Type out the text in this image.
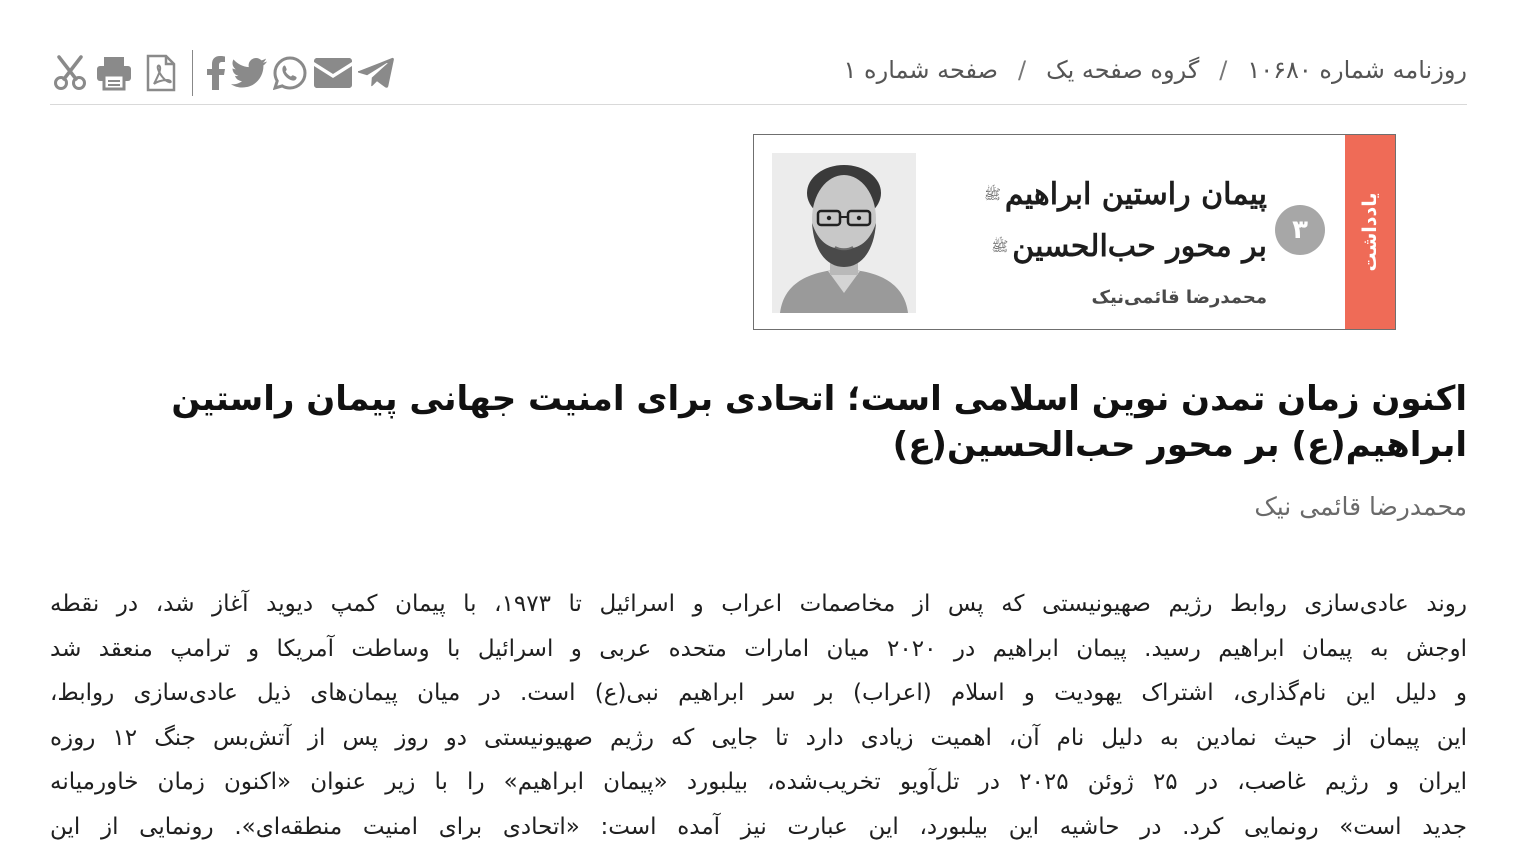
روزنامه شماره ۱۰۶۸۰/گروه صفحه یک/صفحه شماره ۱
یادداشت
۳
پیمان راستین ابراهیم$^ﷺ$
بر محور حب‌الحسین$^ﷺ$
محمدرضا قائمی‌نیک
اکنون زمان تمدن نوین اسلامی است؛ اتحادی برای امنیت جهانی پیمان راستین ابراهیم(ع) بر محور حب‌الحسین(ع)
محمدرضا قائمی نیک
روند عادی‌سازی روابط رژیم صهیونیستی که پس از مخاصمات اعراب و اسرائیل تا ۱۹۷۳، با پیمان کمپ دیوید آغاز شد، در نقطه
اوجش به پیمان ابراهیم رسید. پیمان ابراهیم در ۲۰۲۰ میان امارات متحده عربی و اسرائیل با وساطت آمریکا و ترامپ منعقد شد
و دلیل این نام‌گذاری، اشتراک یهودیت و اسلام (اعراب) بر سر ابراهیم نبی(ع) است. در میان پیمان‌های ذیل عادی‌سازی روابط،
این پیمان از حیث نمادین به دلیل نام آن، اهمیت زیادی دارد تا جایی که رژیم صهیونیستی دو روز پس از آتش‌بس جنگ ۱۲ روزه
ایران و رژیم غاصب، در ۲۵ ژوئن ۲۰۲۵ در تل‌آویو تخریب‌شده، بیلبورد «پیمان ابراهیم» را با زیر عنوان «اکنون زمان خاورمیانه
جدید است» رونمایی کرد. در حاشیه این بیلبورد، این عبارت نیز آمده است: «اتحادی برای امنیت منطقه‌ای». رونمایی از این
